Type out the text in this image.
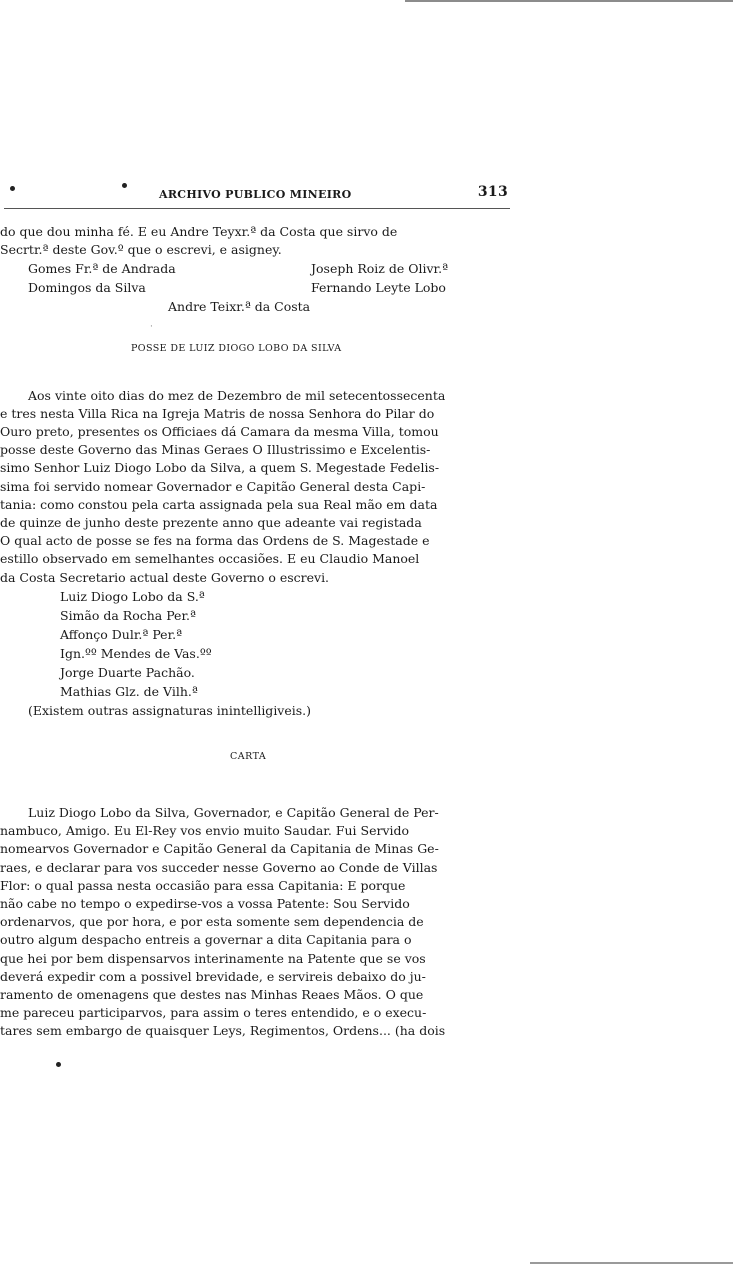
ARCHIVO PUBLICO MINEIRO	313
do que dou minha fé. E eu Andre Teyxr.ª da Costa que sirvo de
Secrtr.ª deste Gov.º que o escrevi, e asigney.
Gomes Fr.ª de Andrada	Joseph Roiz de Olivr.ª
Domingos da Silva	Fernando Leyte Lobo
Andre Teixr.ª da Costa
·
POSSE DE LUIZ DIOGO LOBO DA SILVA
Aos vinte oito dias do mez de Dezembro de mil setecentossecenta
e tres nesta Villa Rica na Igreja Matris de nossa Senhora do Pilar do
Ouro preto, presentes os Officiaes dá Camara da mesma Villa, tomou
posse deste Governo das Minas Geraes O Illustrissimo e Excelentis-
simo Senhor Luiz Diogo Lobo da Silva, a quem S. Megestade Fedelis-
sima foi servido nomear Governador e Capitão General desta Capi-
tania: como constou pela carta assignada pela sua Real mão em data
de quinze de junho deste prezente anno que adeante vai registada
O qual acto de posse se fes na forma das Ordens de S. Magestade e
estillo observado em semelhantes occasiões. E eu Claudio Manoel
da Costa Secretario actual deste Governo o escrevi.
Luiz Diogo Lobo da S.ª
Simão da Rocha Per.ª
Affonço Dulr.ª Per.ª
Ign.ºº Mendes de Vas.ºº
Jorge Duarte Pachão.
Mathias Glz. de Vilh.ª
(Existem outras assignaturas inintelligiveis.)
CARTA
Luiz Diogo Lobo da Silva, Governador, e Capitão General de Per-
nambuco, Amigo. Eu El-Rey vos envio muito Saudar. Fui Servido
nomearvos Governador e Capitão General da Capitania de Minas Ge-
raes, e declarar para vos succeder nesse Governo ao Conde de Villas
Flor: o qual passa nesta occasião para essa Capitania: E porque
não cabe no tempo o expedirse-vos a vossa Patente: Sou Servido
ordenarvos, que por hora, e por esta somente sem dependencia de
outro algum despacho entreis a governar a dita Capitania para o
que hei por bem dispensarvos interinamente na Patente que se vos
deverá expedir com a possivel brevidade, e servireis debaixo do ju-
ramento de omenagens que destes nas Minhas Reaes Mãos. O que
me pareceu participarvos, para assim o teres entendido, e o execu-
tares sem embargo de quaisquer Leys, Regimentos, Ordens... (ha dois
